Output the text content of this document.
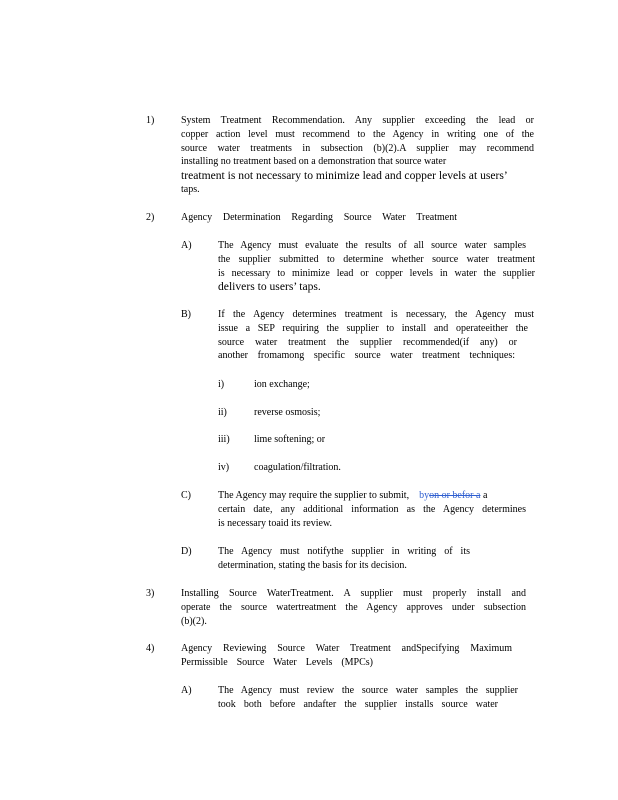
1)	System Treatment Recommendation. Any supplier exceeding the lead or
copper action level must recommend to the Agency in writing one of the
source water treatments in subsection (b)(2).A supplier may recommend
installing no treatment based on a demonstration that source water
treatment is not necessary to minimize lead and copper levels at users’
taps.
2)	Agency Determination Regarding Source Water Treatment
A)	The Agency must evaluate the results of all source water samples
the supplier submitted to determine whether source water treatment
is necessary to minimize lead or copper levels in water the supplier
delivers to users’ taps.
B)	If the Agency determines treatment is necessary, the Agency must
issue a SEP requiring the supplier to install and operateeither the
source water treatment the supplier recommended(if any) or
another fromamong specific source water treatment techniques:
i)	ion exchange;
ii)	reverse osmosis;
iii) lime softening; or
iv) coagulation/filtration.
C)	The Agency may require the supplier to submit, byon or befor a a
certain date, any additional information as the Agency determines
is necessary toaid its review.
D)	The Agency must notifythe supplier in writing of its
determination, stating the basis for its decision.
3)	Installing Source WaterTreatment. A supplier must properly install and
operate the source watertreatment the Agency approves under subsection
(b)(2).
4)	Agency Reviewing Source Water Treatment andSpecifying Maximum
Permissible Source Water Levels (MPCs)
A)	The Agency must review the source water samples the supplier
took both before andafter the supplier installs source water
